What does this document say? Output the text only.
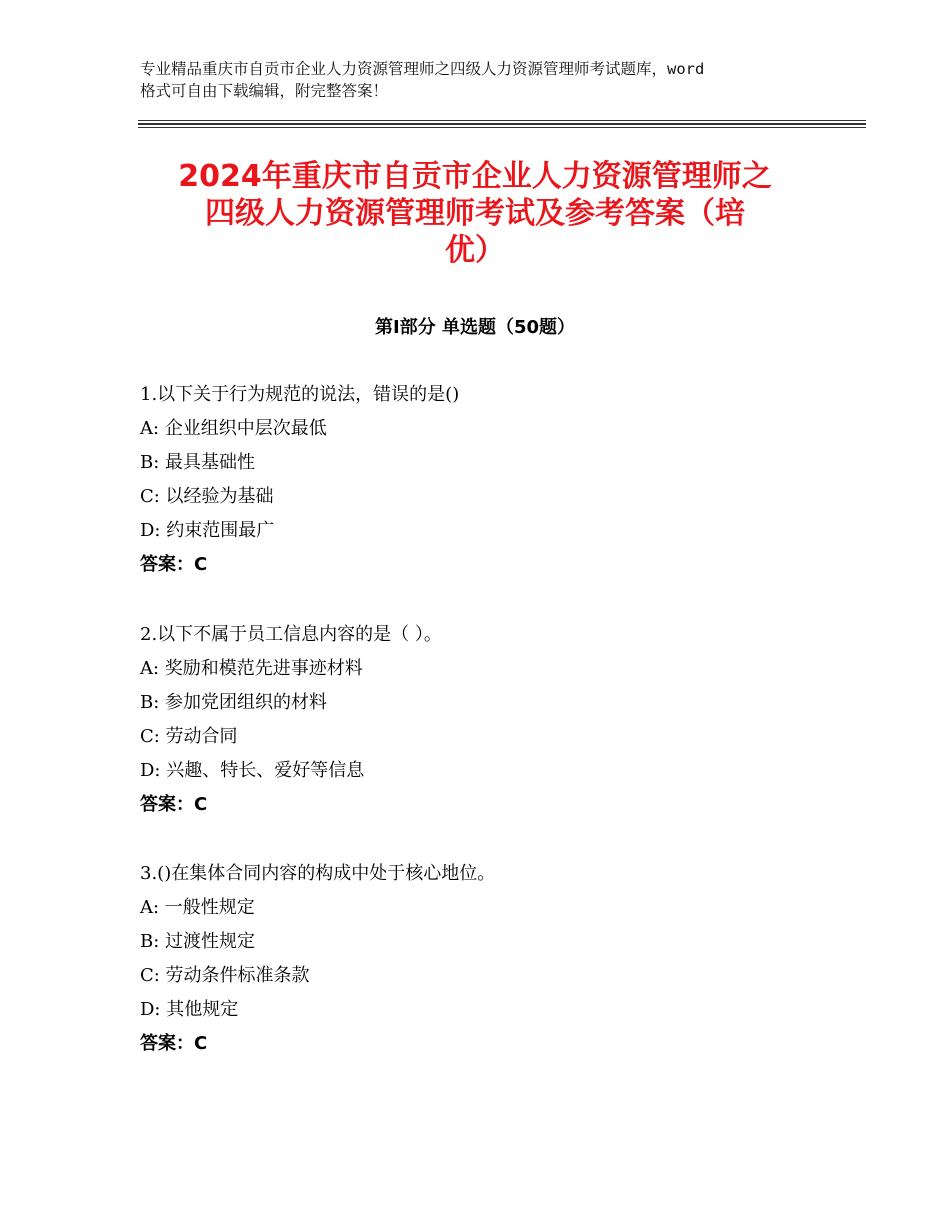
专业精品重庆市自贡市企业人力资源管理师之四级人力资源管理师考试题库，word
格式可自由下载编辑，附完整答案！
2024年重庆市自贡市企业人力资源管理师之
四级人力资源管理师考试及参考答案（培
优）
第Ⅰ部分 单选题（50题）
1.以下关于行为规范的说法，错误的是()
A: 企业组织中层次最低
B: 最具基础性
C: 以经验为基础
D: 约束范围最广
答案：C
2.以下不属于员工信息内容的是（ ）。
A: 奖励和模范先进事迹材料
B: 参加党团组织的材料
C: 劳动合同
D: 兴趣、特长、爱好等信息
答案：C
3.()在集体合同内容的构成中处于核心地位。
A: 一般性规定
B: 过渡性规定
C: 劳动条件标准条款
D: 其他规定
答案：C
